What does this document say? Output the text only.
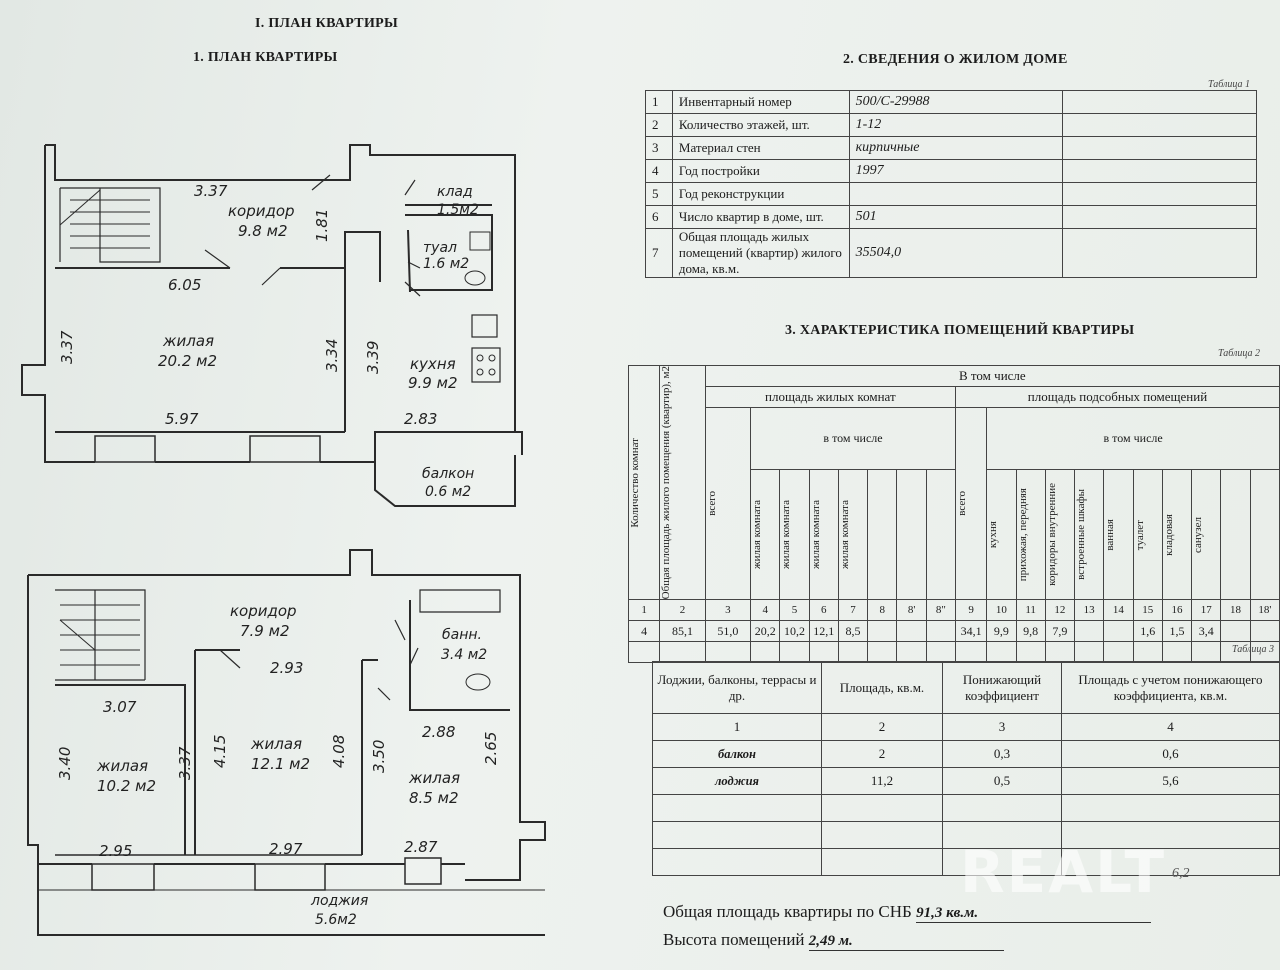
I. ПЛАН КВАРТИРЫ
1. ПЛАН КВАРТИРЫ	2. СВЕДЕНИЯ О ЖИЛОМ ДОМЕ
3. ХАРАКТЕРИСТИКА ПОМЕЩЕНИЙ КВАРТИРЫ
коридор
9.8 м2
клад
1.5м2
туал
1.6 м2
жилая
20.2 м2	кухня
9.9 м2
балкон
0.6 м2
3.37
1.81
6.05
3.37	3.34 3.39
5.97	2.83
коридор
7.9 м2	банн.
3.4 м2
2.93
3.07
2.88
жилая
10.2 м2
жилая
12.1 м2
жилая
8.5 м2
3.40	3.37 4.15	4.08 3.50	2.65
2.95	2.97	2.87
лоджия
5.6м2
Таблица 1
1	Инвентарный номер	500/С-29988	
2	Количество этажей, шт.	1-12	
3	Материал стен	кирпичные	
4	Год постройки	1997	
5	Год реконструкции		
6	Число квартир в доме, шт.	501	
7	Общая площадь жилых помещений (квартир) жилого дома, кв.м.	35504,0	
Таблица 2
Количество комнат	Общая площадь жилого помещения (квартир), м2	В том числе																		
		площадь жилых комнат								площадь подсобных помещений										

		всего	в том числе							всего	в том числе									

			жилая комната	жилая комната	жилая комната	жилая комната					кухня	прихожая, передняя	коридоры внутренние	встроенные шкафы	ванная	туалет	кладовая	санузел		

1	2	3	4	5	6	7	8	8'	8"	9	10	11	12	13	14	15	16	17	18	18'
4	85,1	51,0	20,2	10,2	12,1	8,5				34,1	9,9	9,8	7,9			1,6	1,5	3,4		

Таблица 3
Лоджии, балконы, террасы и др.	Площадь, кв.м.	Понижающий коэффициент	Площадь с учетом понижающего коэффициента, кв.м.
1	2	3	4
балкон	2	0,3	0,6
лоджия	11,2	0,5	5,6

6,2
Общая площадь квартиры по СНБ 91,3 кв.м.
Высота помещений 2,49 м.
REALT
